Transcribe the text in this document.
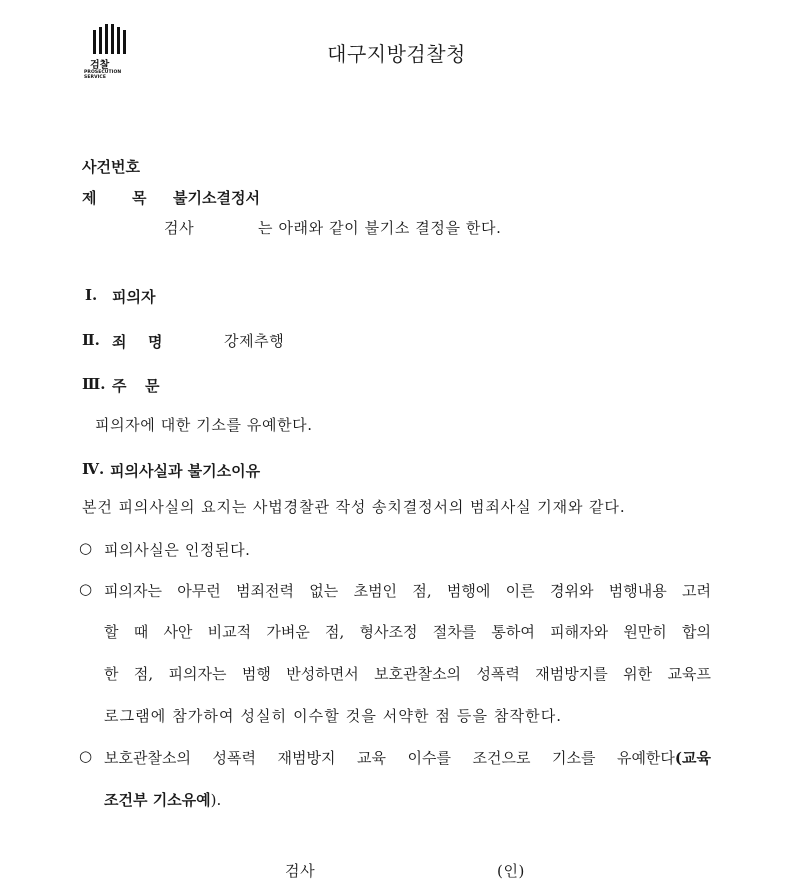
검찰
PROSECUTION SERVICE
대구지방검찰청
사건번호
제 목 불기소결정서
검사	는 아래와 같이 불기소 결정을 한다.
Ⅰ. 피의자
Ⅱ. 죄 명	강제추행
Ⅲ. 주 문
피의자에 대한 기소를 유예한다.
Ⅳ. 피의사실과 불기소이유
본건 피의사실의 요지는 사법경찰관 작성 송치결정서의 범죄사실 기재와 같다.
○ 피의사실은 인정된다.
○ 피의자는 아무런 범죄전력 없는 초범인 점, 범행에 이른 경위와 범행내용 고려
할 때 사안 비교적 가벼운 점, 형사조정 절차를 통하여 피해자와 원만히 합의
한 점, 피의자는 범행 반성하면서 보호관찰소의 성폭력 재범방지를 위한 교육프
로그램에 참가하여 성실히 이수할 것을 서약한 점 등을 참작한다.
○ 보호관찰소의 성폭력 재범방지 교육 이수를 조건으로 기소를 유예한다 (교육
조건부 기소유예).
검사	(인)
